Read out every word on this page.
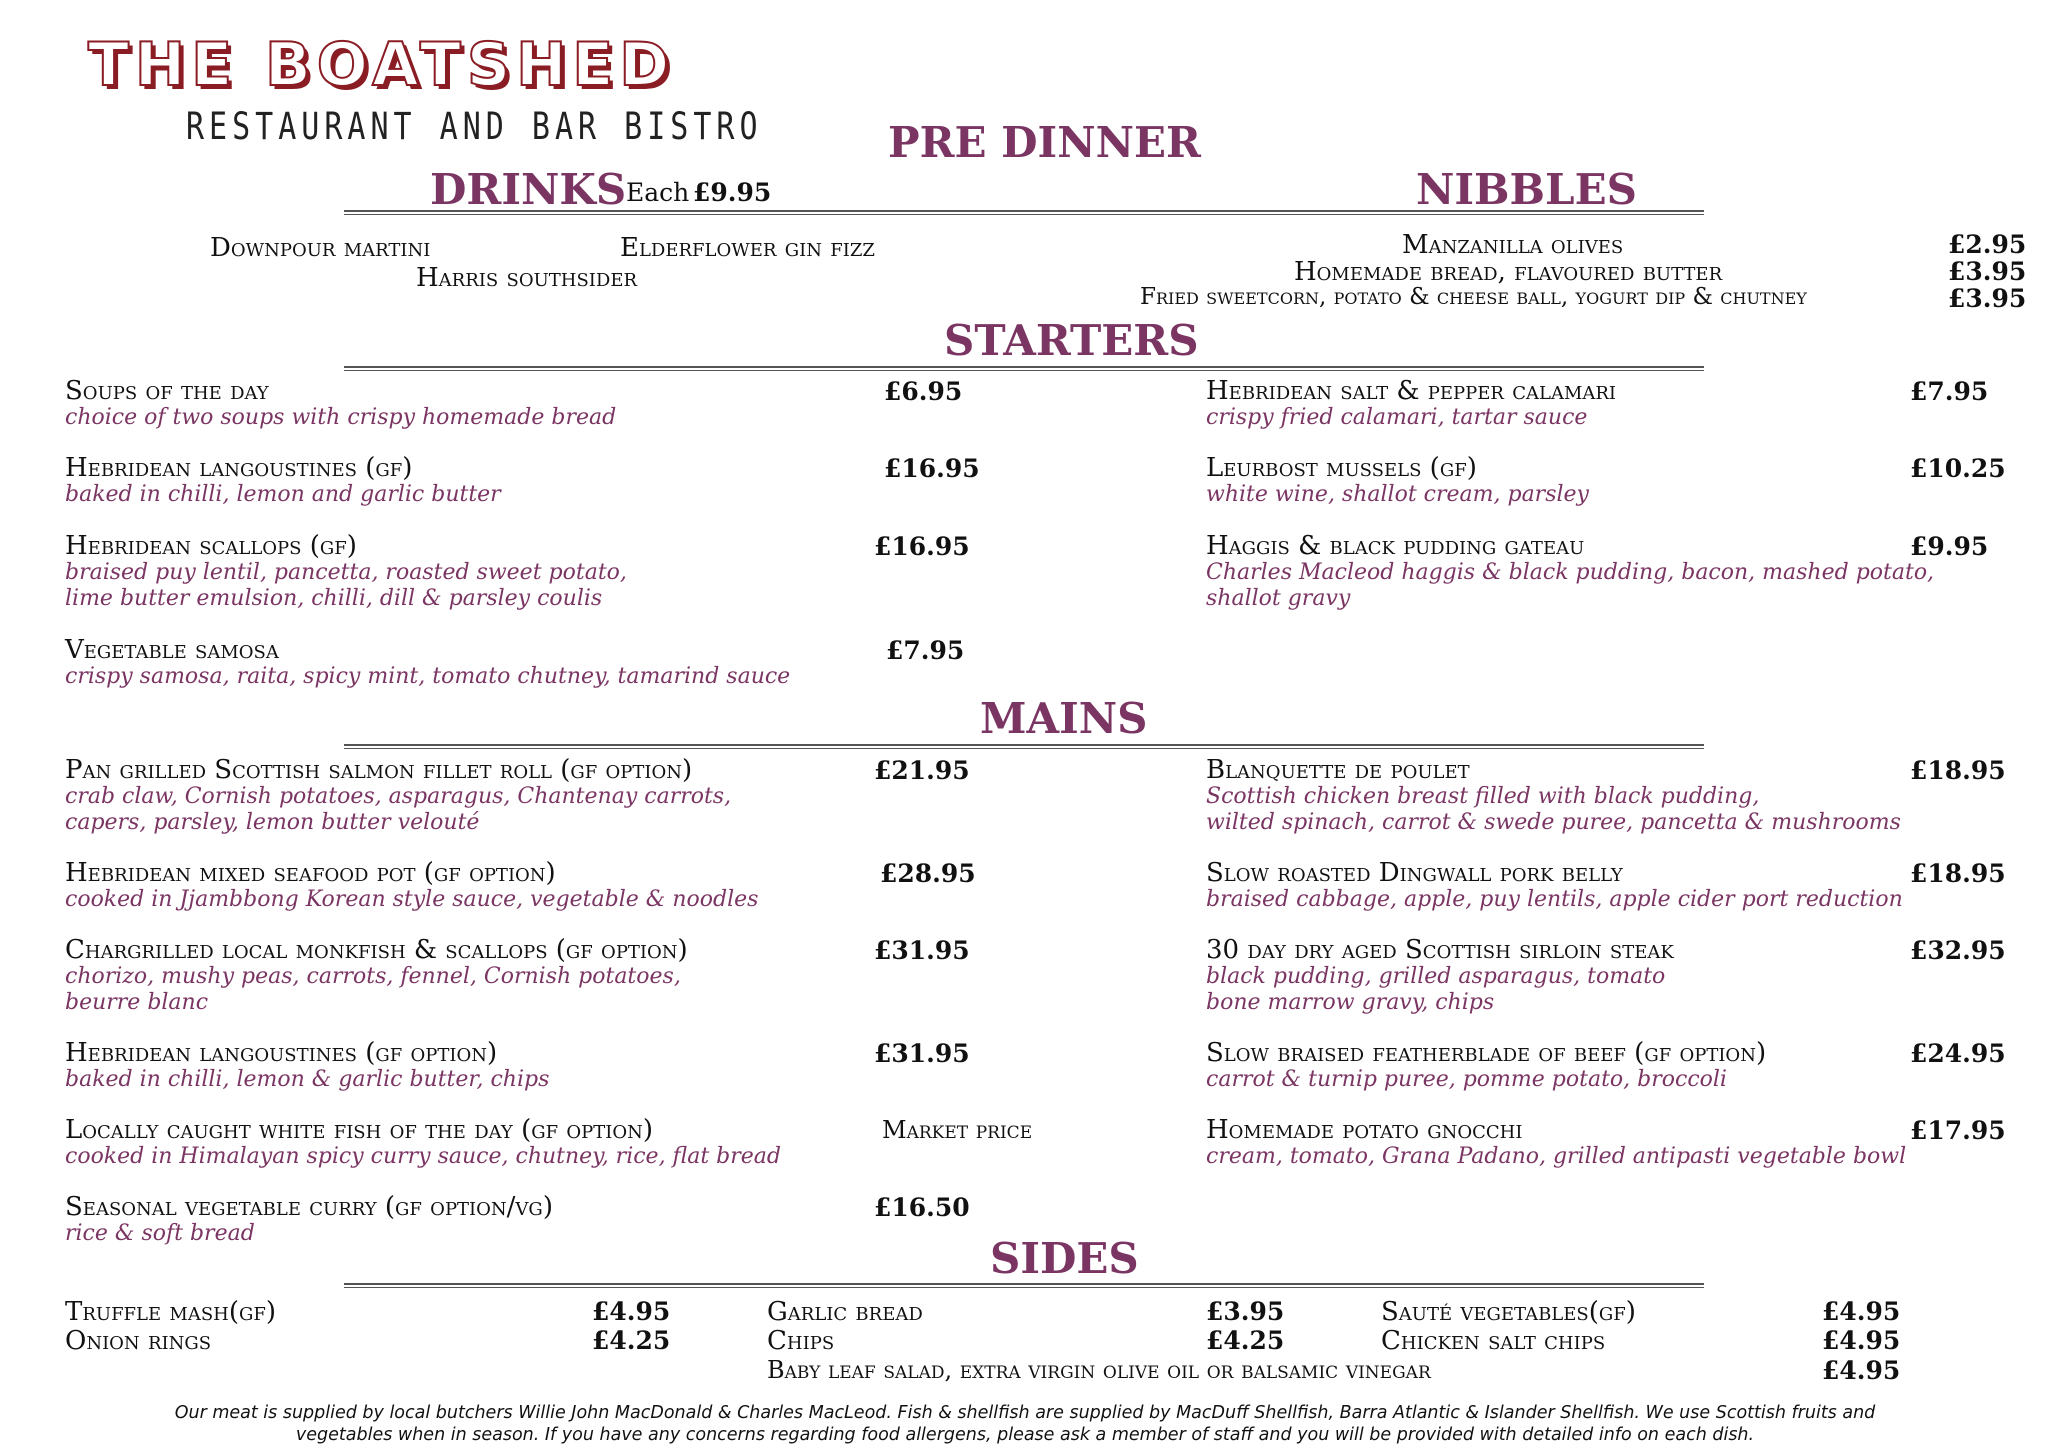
THE BOATSHED
RESTAURANT AND BAR BISTRO	PRE DINNER
DRINKS Each £9.95	NIBBLES
Downpour martini	Elderflower gin fizz
Harris southsider
Manzanilla olives	£2.95
Homemade bread, flavoured butter	£3.95
Fried sweetcorn, potato & cheese ball, yogurt dip & chutney	£3.95
STARTERS
Soups of the day
choice of two soups with crispy homemade bread
£6.95
Hebridean langoustines (gf)
baked in chilli, lemon and garlic butter
£16.95
Hebridean scallops (gf)
braised puy lentil, pancetta, roasted sweet potato,
lime butter emulsion, chilli, dill & parsley coulis
£16.95
Vegetable samosa
crispy samosa, raita, spicy mint, tomato chutney, tamarind sauce
£7.95
Hebridean salt & pepper calamari
crispy fried calamari, tartar sauce
£7.95
Leurbost mussels (gf)
white wine, shallot cream, parsley
£10.25
Haggis & black pudding gateau
Charles Macleod haggis & black pudding, bacon, mashed potato,
shallot gravy
£9.95
MAINS
Pan grilled Scottish salmon fillet roll (gf option)
crab claw, Cornish potatoes, asparagus, Chantenay carrots,
capers, parsley, lemon butter velouté
£21.95
Hebridean mixed seafood pot (gf option)
cooked in Jjambbong Korean style sauce, vegetable & noodles
£28.95
Chargrilled local monkfish & scallops (gf option)
chorizo, mushy peas, carrots, fennel, Cornish potatoes,
beurre blanc
£31.95
Hebridean langoustines (gf option)
baked in chilli, lemon & garlic butter, chips
£31.95
Locally caught white fish of the day (gf option)
cooked in Himalayan spicy curry sauce, chutney, rice, flat bread
Market price
Seasonal vegetable curry (gf option/vg)
rice & soft bread
£16.50
Blanquette de poulet
Scottish chicken breast filled with black pudding,
wilted spinach, carrot & swede puree, pancetta & mushrooms
£18.95
Slow roasted Dingwall pork belly
braised cabbage, apple, puy lentils, apple cider port reduction
£18.95
30 day dry aged Scottish sirloin steak
black pudding, grilled asparagus, tomato
bone marrow gravy, chips
£32.95
Slow braised featherblade of beef (gf option)
carrot & turnip puree, pomme potato, broccoli
£24.95
Homemade potato gnocchi
cream, tomato, Grana Padano, grilled antipasti vegetable bowl
£17.95
SIDES
Truffle mash(gf)	£4.95
Onion rings	£4.25
Garlic bread	£3.95
Chips	£4.25
Sauté vegetables(gf)	£4.95
Chicken salt chips	£4.95
Baby leaf salad, extra virgin olive oil or balsamic vinegar	£4.95
Our meat is supplied by local butchers Willie John MacDonald & Charles MacLeod. Fish & shellfish are supplied by MacDuff Shellfish, Barra Atlantic & Islander Shellfish. We use Scottish fruits and
vegetables when in season. If you have any concerns regarding food allergens, please ask a member of staff and you will be provided with detailed info on each dish.
